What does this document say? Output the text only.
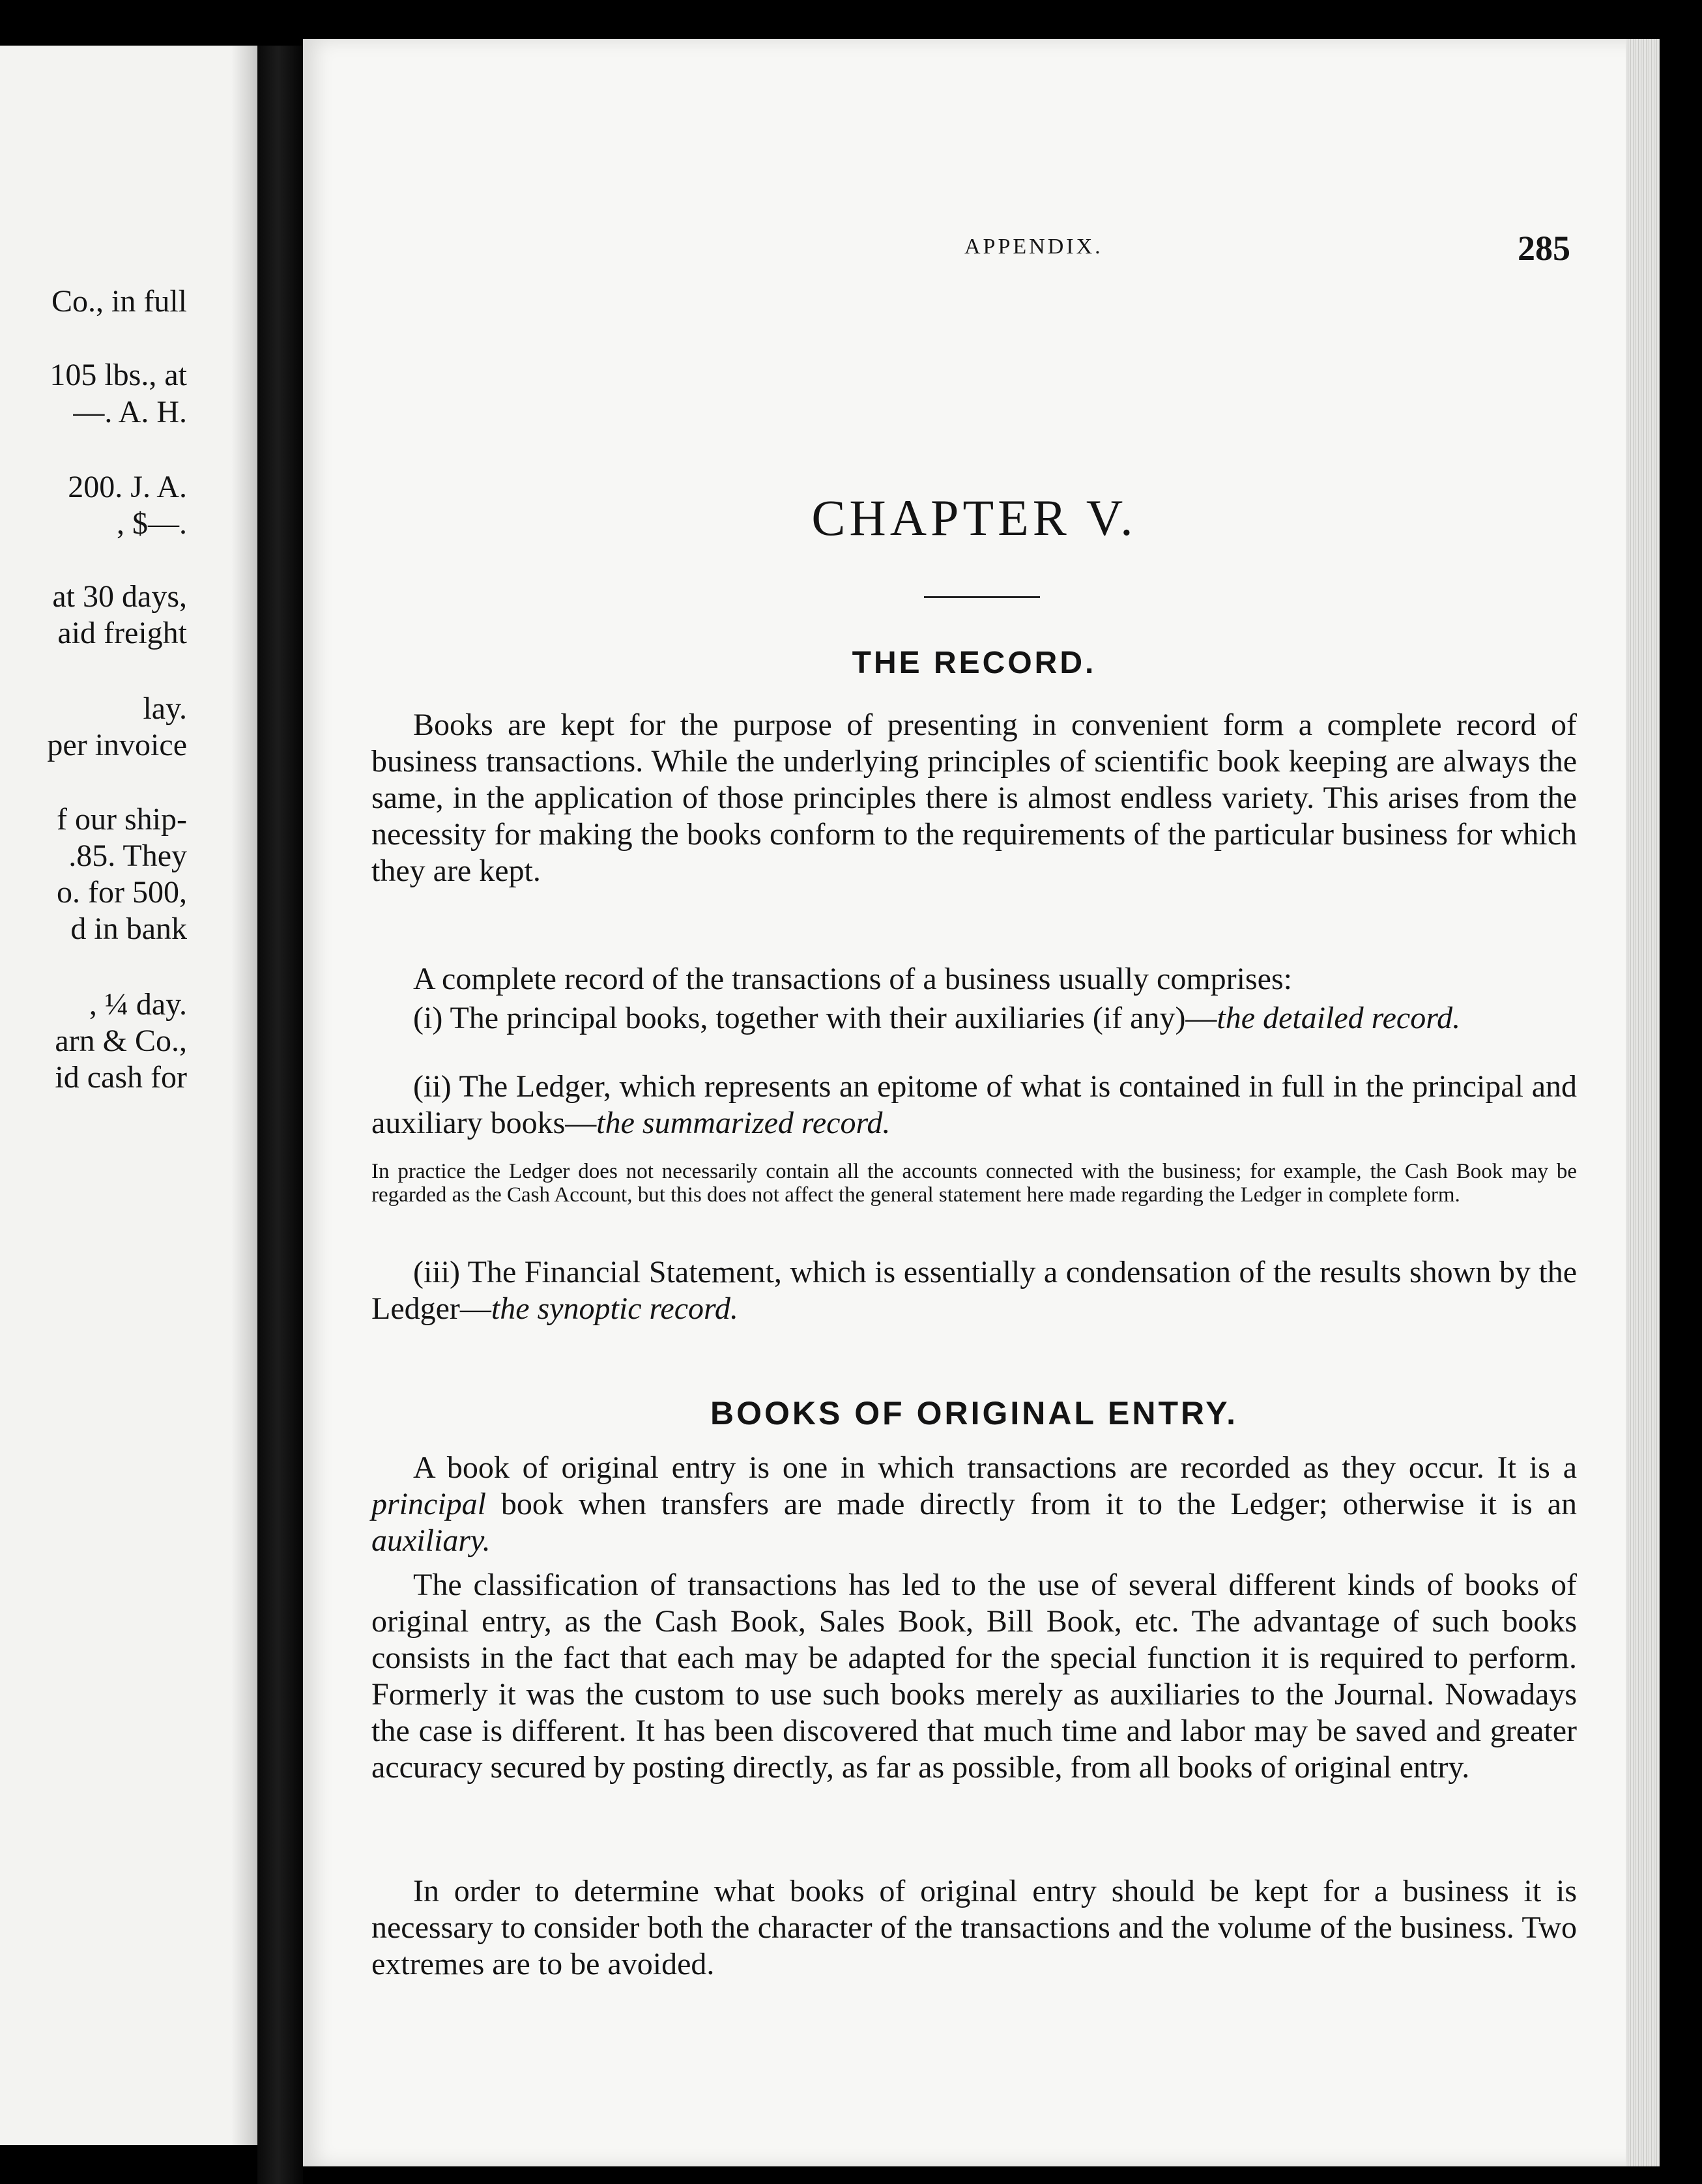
Co., in full
105 lbs., at
—. A. H.
200. J. A.
, $—.
at 30 days,
aid freight
lay.
per invoice
f our ship-
.85. They
o. for 500,
d in bank
, ¼ day.
arn & Co.,
id cash for
APPENDIX.	285
CHAPTER V.
THE RECORD.

Books are kept for the purpose of presenting in convenient form a complete record of business transactions. While the underlying principles of scientific book keeping are always the same, in the application of those principles there is almost endless variety. This arises from the necessity for making the books conform to the requirements of the particular business for which they are kept.

A complete record of the transactions of a business usually comprises:

(i) The principal books, together with their auxiliaries (if any)—the detailed record.

(ii) The Ledger, which represents an epitome of what is contained in full in the principal and auxiliary books—the summarized record.

In practice the Ledger does not necessarily contain all the accounts connected with the business; for example, the Cash Book may be regarded as the Cash Account, but this does not affect the general statement here made regarding the Ledger in complete form.

(iii) The Financial Statement, which is essentially a condensation of the results shown by the Ledger—the synoptic record.

BOOKS OF ORIGINAL ENTRY.

A book of original entry is one in which transactions are recorded as they occur. It is a principal book when transfers are made directly from it to the Ledger; otherwise it is an auxiliary.

The classification of transactions has led to the use of several different kinds of books of original entry, as the Cash Book, Sales Book, Bill Book, etc. The advantage of such books consists in the fact that each may be adapted for the special function it is required to perform. Formerly it was the custom to use such books merely as auxiliaries to the Journal. Nowadays the case is different. It has been discovered that much time and labor may be saved and greater accuracy secured by posting directly, as far as possible, from all books of original entry.

In order to determine what books of original entry should be kept for a business it is necessary to consider both the character of the transactions and the volume of the business. Two extremes are to be avoided.
